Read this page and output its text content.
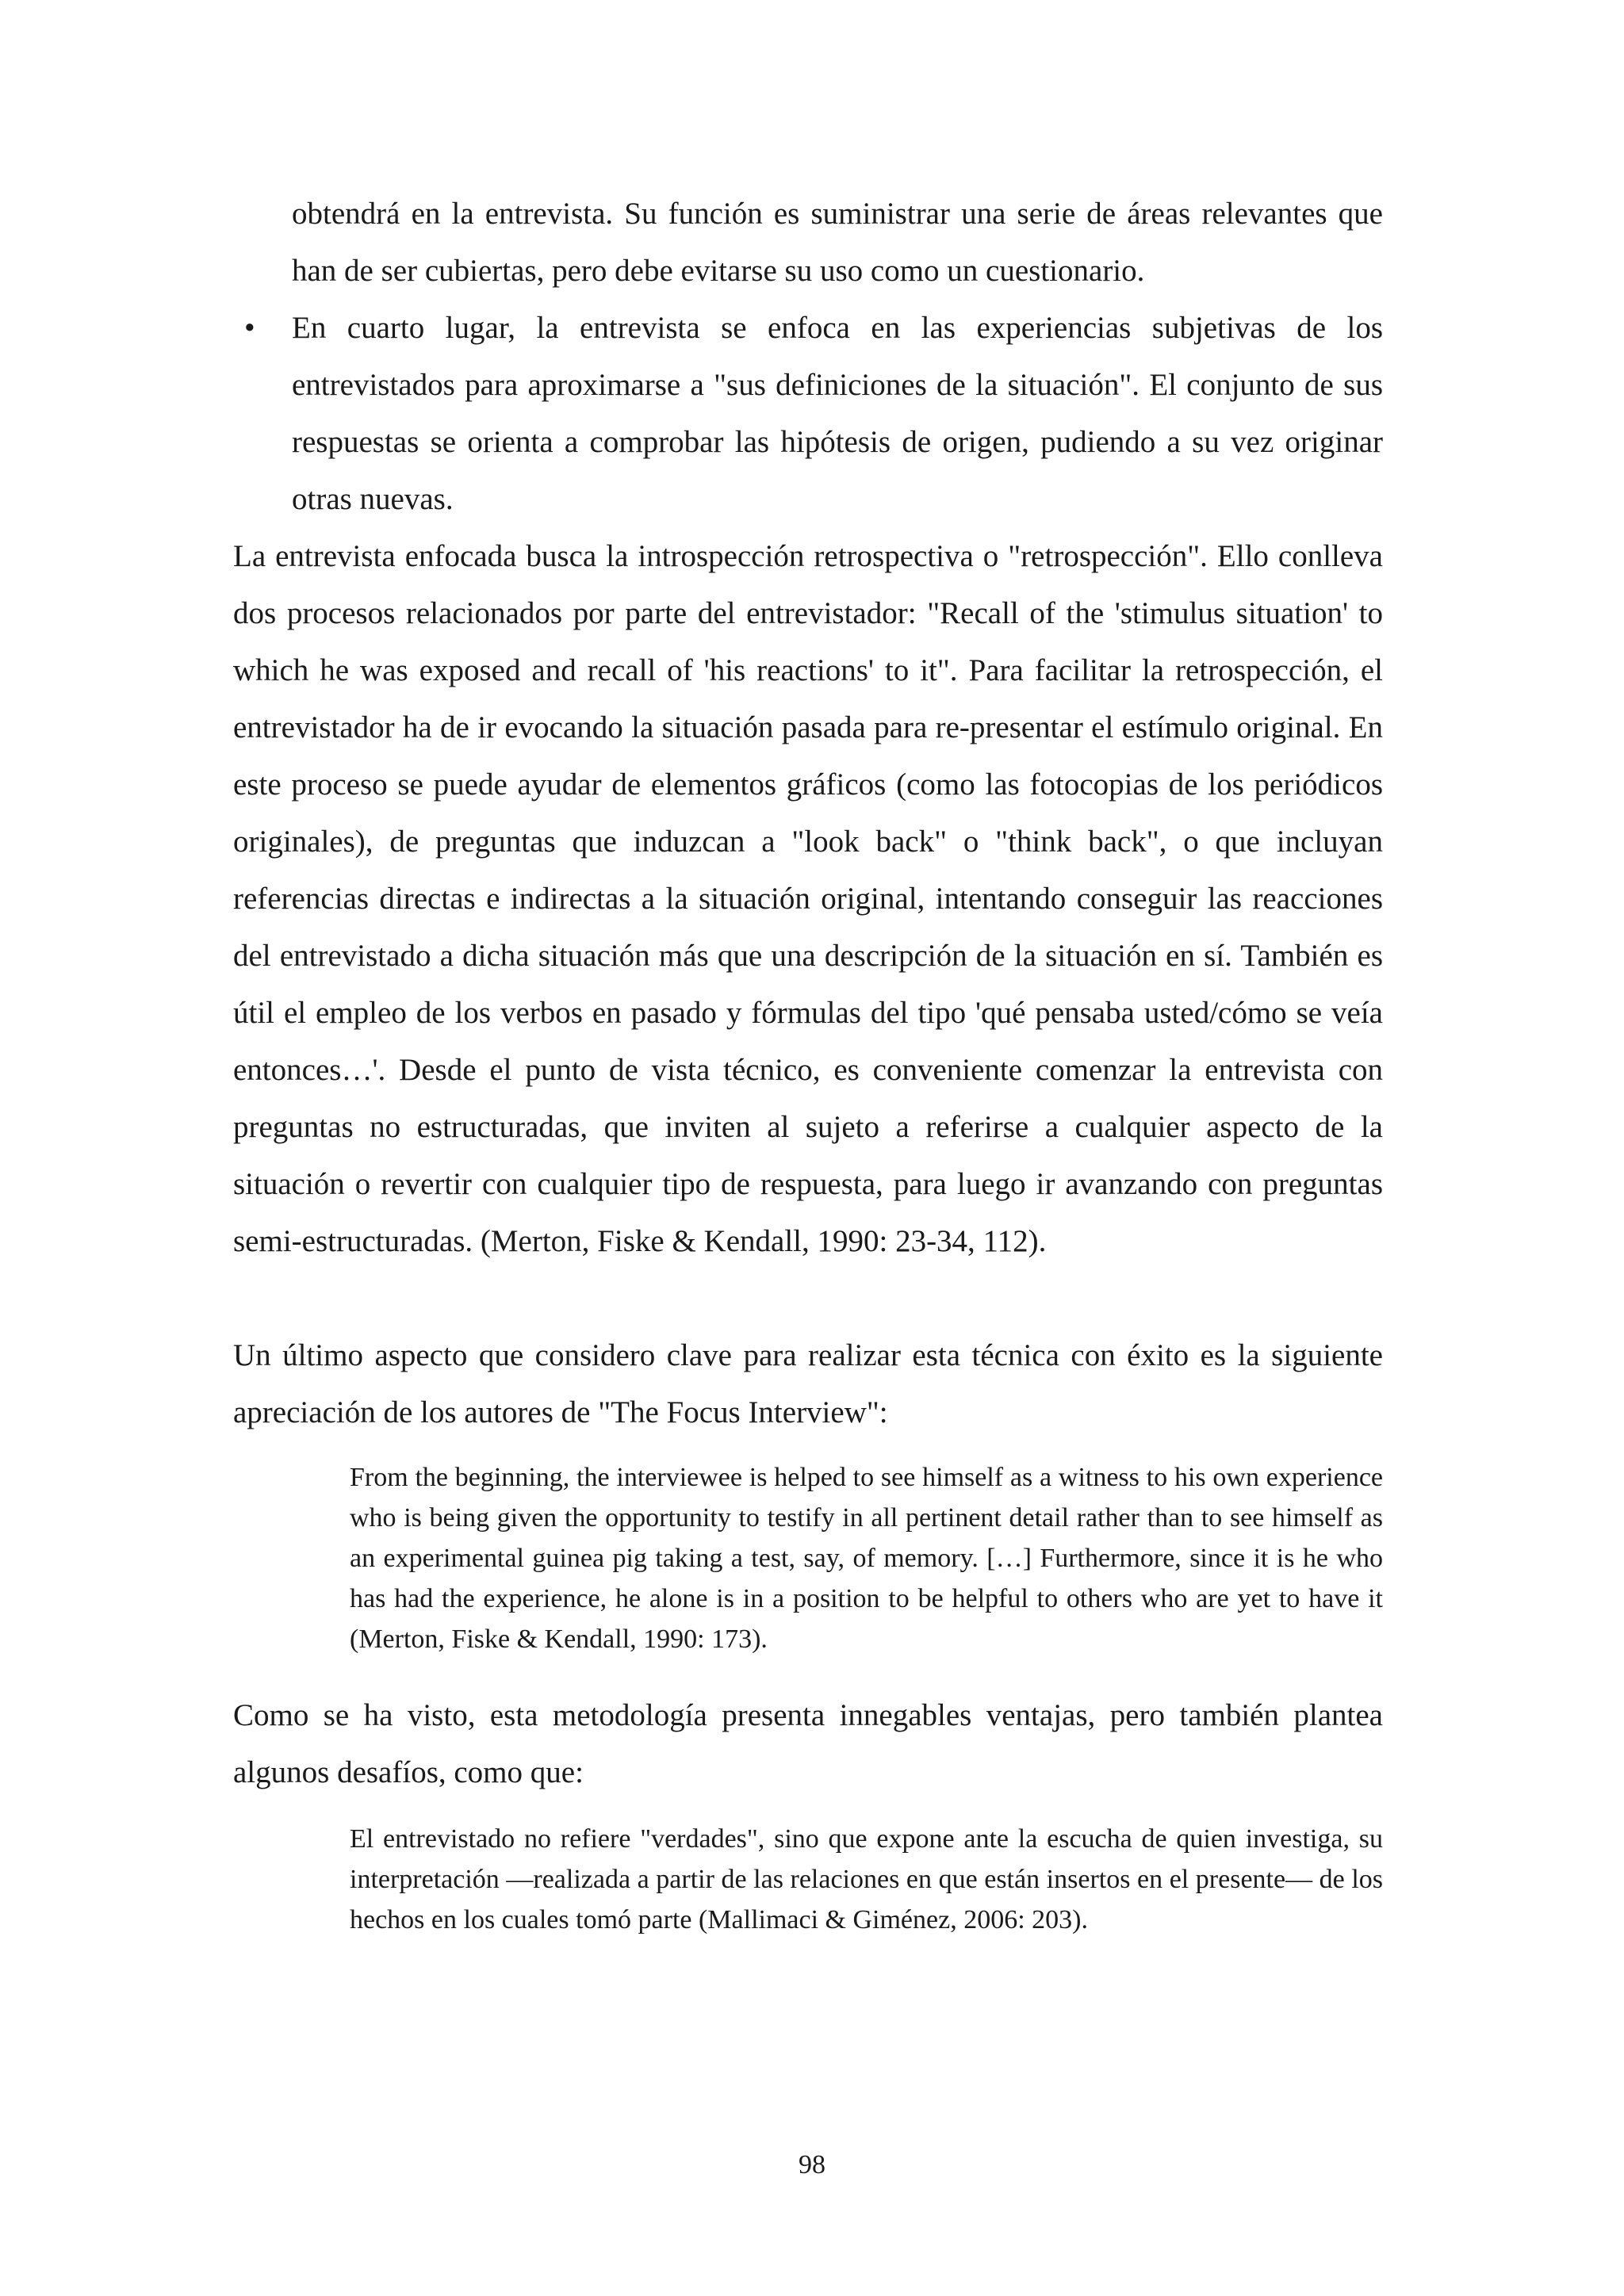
obtendrá en la entrevista. Su función es suministrar una serie de áreas relevantes que han de ser cubiertas, pero debe evitarse su uso como un cuestionario.
•	En cuarto lugar, la entrevista se enfoca en las experiencias subjetivas de los entrevistados para aproximarse a "sus definiciones de la situación". El conjunto de sus respuestas se orienta a comprobar las hipótesis de origen, pudiendo a su vez originar otras nuevas.
La entrevista enfocada busca la introspección retrospectiva o "retrospección". Ello conlleva dos procesos relacionados por parte del entrevistador: "Recall of the 'stimulus situation' to which he was exposed and recall of 'his reactions' to it". Para facilitar la retrospección, el entrevistador ha de ir evocando la situación pasada para re-presentar el estímulo original. En este proceso se puede ayudar de elementos gráficos (como las fotocopias de los periódicos originales), de preguntas que induzcan a "look back" o "think back", o que incluyan referencias directas e indirectas a la situación original, intentando conseguir las reacciones del entrevistado a dicha situación más que una descripción de la situación en sí. También es útil el empleo de los verbos en pasado y fórmulas del tipo 'qué pensaba usted/cómo se veía entonces…'. Desde el punto de vista técnico, es conveniente comenzar la entrevista con preguntas no estructuradas, que inviten al sujeto a referirse a cualquier aspecto de la situación o revertir con cualquier tipo de respuesta, para luego ir avanzando con preguntas semi-estructuradas. (Merton, Fiske & Kendall, 1990: 23-34, 112).
Un último aspecto que considero clave para realizar esta técnica con éxito es la siguiente apreciación de los autores de "The Focus Interview":
From the beginning, the interviewee is helped to see himself as a witness to his own experience who is being given the opportunity to testify in all pertinent detail rather than to see himself as an experimental guinea pig taking a test, say, of memory. […] Furthermore, since it is he who has had the experience, he alone is in a position to be helpful to others who are yet to have it (Merton, Fiske & Kendall, 1990: 173).
Como se ha visto, esta metodología presenta innegables ventajas, pero también plantea algunos desafíos, como que:
El entrevistado no refiere "verdades", sino que expone ante la escucha de quien investiga, su interpretación —realizada a partir de las relaciones en que están insertos en el presente— de los hechos en los cuales tomó parte (Mallimaci & Giménez, 2006: 203).
98
